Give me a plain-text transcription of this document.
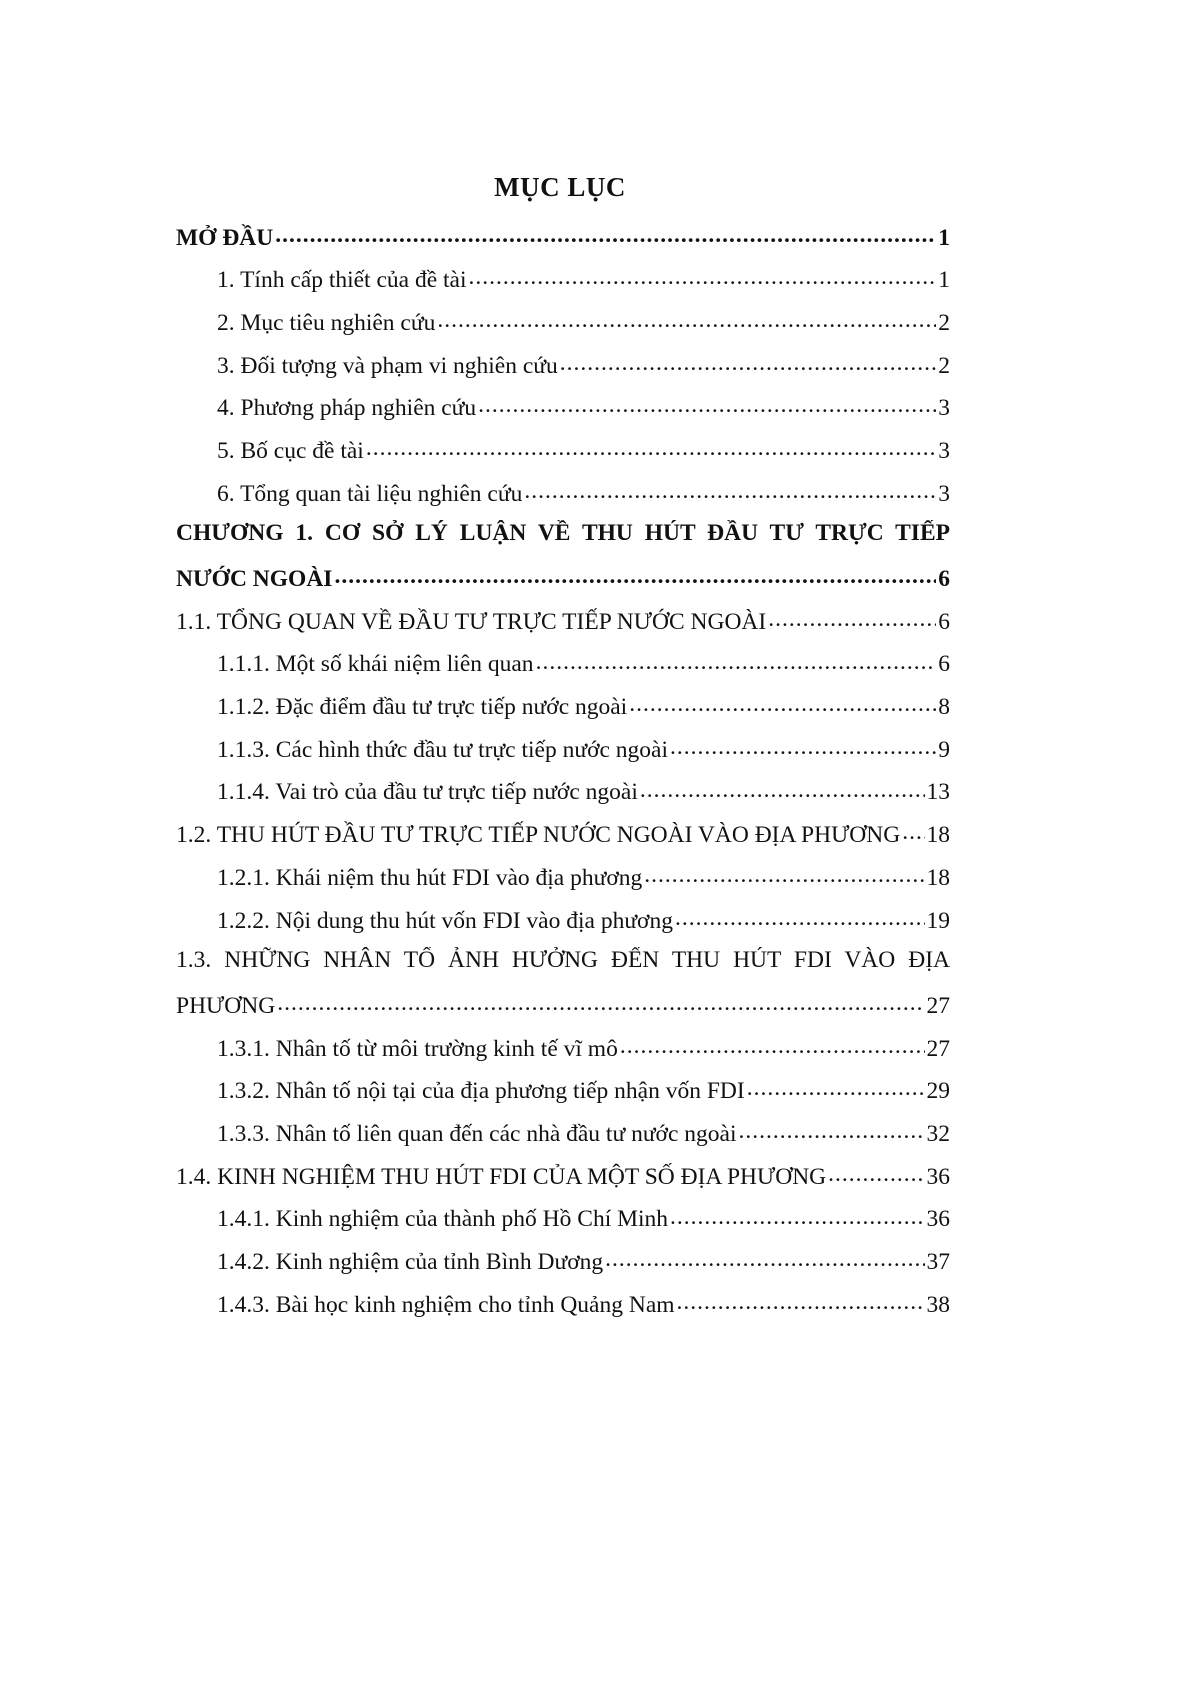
MỤC LỤC
MỞ ĐẦU .....	1
1. Tính cấp thiết của đề tài .....	1
2. Mục tiêu nghiên cứu .....	2
3. Đối tượng và phạm vi nghiên cứu .....	2
4. Phương pháp nghiên cứu .....	3
5. Bố cục đề tài .....	3
6. Tổng quan tài liệu nghiên cứu .....	3
CHƯƠNG 1. CƠ SỞ LÝ LUẬN VỀ THU HÚT ĐẦU TƯ TRỰC TIẾP
NƯỚC NGOÀI .....	6
1.1. TỔNG QUAN VỀ ĐẦU TƯ TRỰC TIẾP NƯỚC NGOÀI .....	6
1.1.1. Một số khái niệm liên quan .....	6
1.1.2. Đặc điểm đầu tư trực tiếp nước ngoài .....	8
1.1.3. Các hình thức đầu tư trực tiếp nước ngoài .....	9
1.1.4. Vai trò của đầu tư trực tiếp nước ngoài .....	13
1.2. THU HÚT ĐẦU TƯ TRỰC TIẾP NƯỚC NGOÀI VÀO ĐỊA PHƯƠNG ..... 18
1.2.1. Khái niệm thu hút FDI vào địa phương .....	18
1.2.2. Nội dung thu hút vốn FDI vào địa phương .....	19
1.3. NHỮNG NHÂN TỐ ẢNH HƯỞNG ĐẾN THU HÚT FDI VÀO ĐỊA
PHƯƠNG .....	27
1.3.1. Nhân tố từ môi trường kinh tế vĩ mô .....	27
1.3.2. Nhân tố nội tại của địa phương tiếp nhận vốn FDI .....	29
1.3.3. Nhân tố liên quan đến các nhà đầu tư nước ngoài .....	32
1.4. KINH NGHIỆM THU HÚT FDI CỦA MỘT SỐ ĐỊA PHƯƠNG .....	36
1.4.1. Kinh nghiệm của thành phố Hồ Chí Minh .....	36
1.4.2. Kinh nghiệm của tỉnh Bình Dương .....	37
1.4.3. Bài học kinh nghiệm cho tỉnh Quảng Nam .....	38
